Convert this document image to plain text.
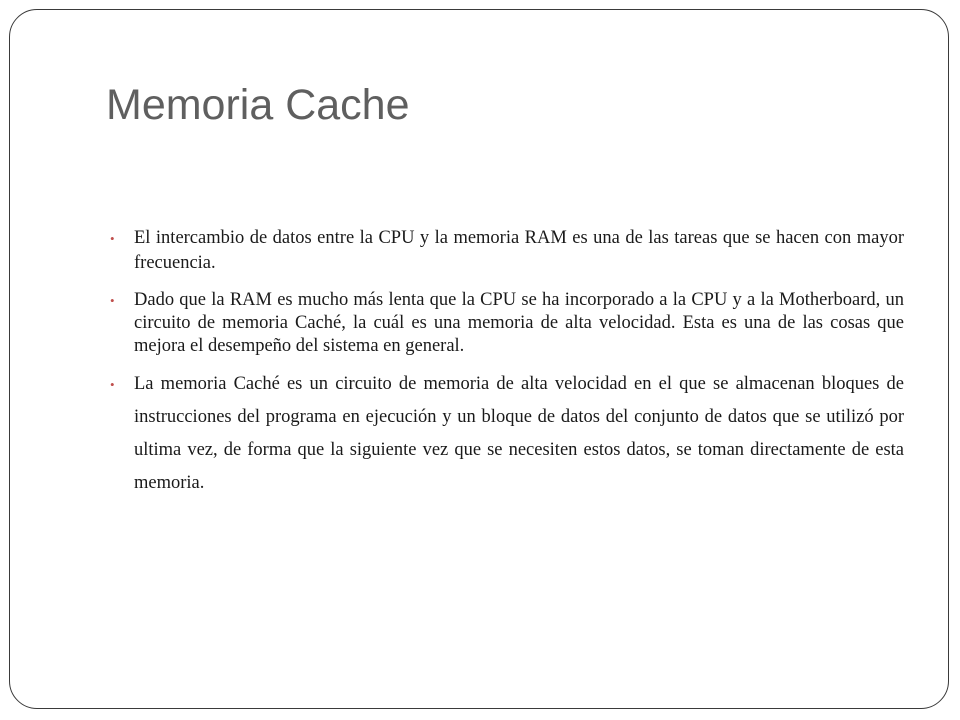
Memoria Cache
• El intercambio de datos entre la CPU y la memoria RAM es una de las tareas que se hacen con mayor frecuencia.
• Dado que la RAM es mucho más lenta que la CPU se ha incorporado a la CPU y a la Motherboard, un circuito de memoria Caché, la cuál es una memoria de alta velocidad. Esta es una de las cosas que mejora el desempeño del sistema en general.
• La memoria Caché es un circuito de memoria de alta velocidad en el que se almacenan bloques de instrucciones del programa en ejecución y un bloque de datos del conjunto de datos que se utilizó por ultima vez, de forma que la siguiente vez que se necesiten estos datos, se toman directamente de esta memoria.
